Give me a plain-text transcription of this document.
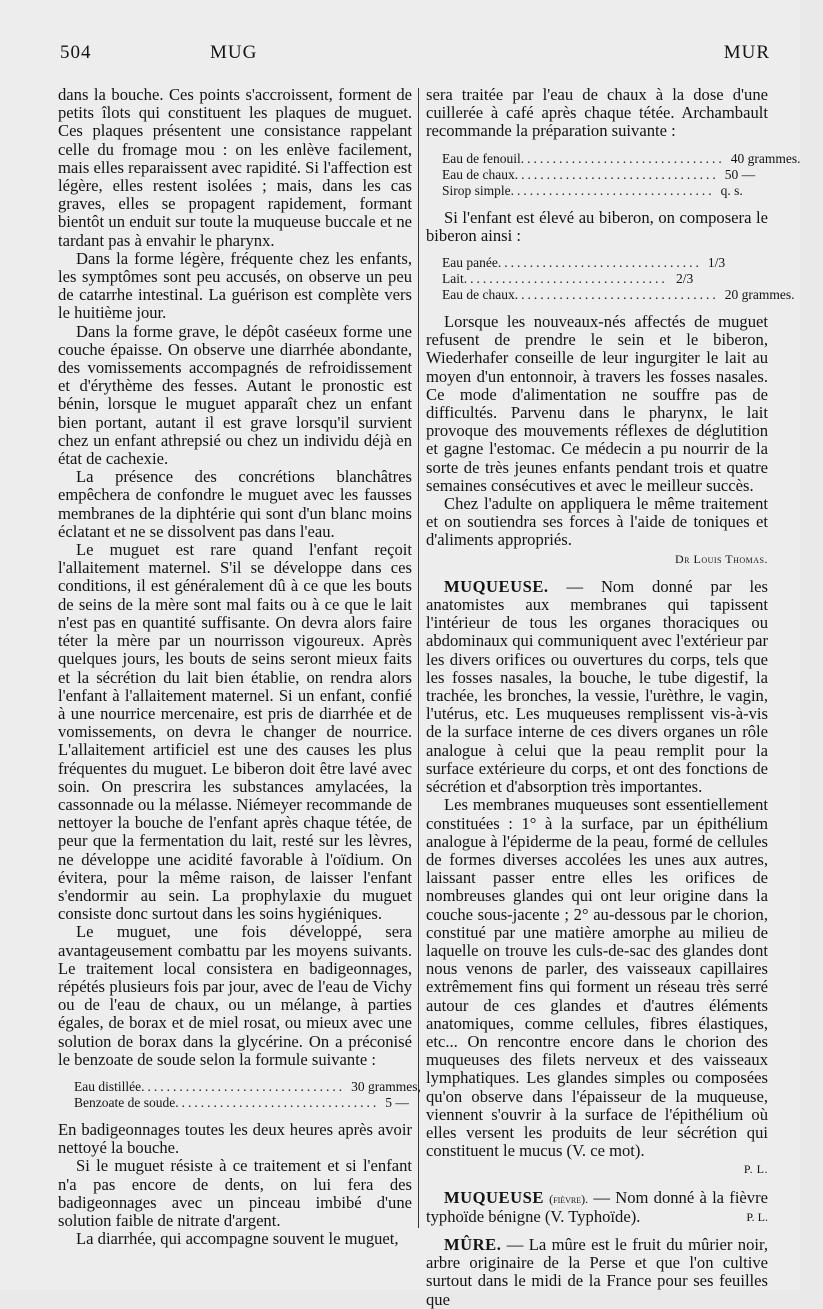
504	MUG	MUR

dans la bouche. Ces points s'accroissent, forment de petits îlots qui constituent les plaques de muguet. Ces plaques présentent une consistance rappelant celle du fromage mou : on les enlève facilement, mais elles reparaissent avec rapidité. Si l'affection est légère, elles restent isolées ; mais, dans les cas graves, elles se propagent rapidement, formant bientôt un enduit sur toute la muqueuse buccale et ne tardant pas à envahir le pharynx.

Dans la forme légère, fréquente chez les enfants, les symptômes sont peu accusés, on observe un peu de catarrhe intestinal. La guérison est complète vers le huitième jour.

Dans la forme grave, le dépôt caséeux forme une couche épaisse. On observe une diarrhée abondante, des vomissements accompagnés de refroidissement et d'érythème des fesses. Autant le pronostic est bénin, lorsque le muguet apparaît chez un enfant bien portant, autant il est grave lorsqu'il survient chez un enfant athrepsié ou chez un individu déjà en état de cachexie.

La présence des concrétions blanchâtres empêchera de confondre le muguet avec les fausses membranes de la diphtérie qui sont d'un blanc moins éclatant et ne se dissolvent pas dans l'eau.

Le muguet est rare quand l'enfant reçoit l'allaitement maternel. S'il se développe dans ces conditions, il est généralement dû à ce que les bouts de seins de la mère sont mal faits ou à ce que le lait n'est pas en quantité suffisante. On devra alors faire téter la mère par un nourrisson vigoureux. Après quelques jours, les bouts de seins seront mieux faits et la sécrétion du lait bien établie, on rendra alors l'enfant à l'allaitement maternel. Si un enfant, confié à une nourrice mercenaire, est pris de diarrhée et de vomissements, on devra le changer de nourrice. L'allaitement artificiel est une des causes les plus fréquentes du muguet. Le biberon doit être lavé avec soin. On prescrira les substances amylacées, la cassonnade ou la mélasse. Niémeyer recommande de nettoyer la bouche de l'enfant après chaque tétée, de peur que la fermentation du lait, resté sur les lèvres, ne développe une acidité favorable à l'oïdium. On évitera, pour la même raison, de laisser l'enfant s'endormir au sein. La prophylaxie du muguet consiste donc surtout dans les soins hygiéniques.

Le muguet, une fois développé, sera avantageusement combattu par les moyens suivants. Le traitement local consistera en badigeonnages, répétés plusieurs fois par jour, avec de l'eau de Vichy ou de l'eau de chaux, ou un mélange, à parties égales, de borax et de miel rosat, ou mieux avec une solution de borax dans la glycérine. On a préconisé le benzoate de soude selon la formule suivante :

Eau distillée ................................ 30 grammes,
Benzoate de soude ................................ 5 —

En badigeonnages toutes les deux heures après avoir nettoyé la bouche.

Si le muguet résiste à ce traitement et si l'enfant n'a pas encore de dents, on lui fera des badigeonnages avec un pinceau imbibé d'une solution faible de nitrate d'argent.

La diarrhée, qui accompagne souvent le muguet,

sera traitée par l'eau de chaux à la dose d'une cuillerée à café après chaque tétée. Archambault recommande la préparation suivante :

Eau de fenouil ................................ 40 grammes.
Eau de chaux ................................ 50 —
Sirop simple ................................ q. s.

Si l'enfant est élevé au biberon, on composera le biberon ainsi :

Eau panée ................................ 1/3
Lait ................................ 2/3
Eau de chaux ................................ 20 grammes.

Lorsque les nouveaux-nés affectés de muguet refusent de prendre le sein et le biberon, Wiederhafer conseille de leur ingurgiter le lait au moyen d'un entonnoir, à travers les fosses nasales. Ce mode d'alimentation ne souffre pas de difficultés. Parvenu dans le pharynx, le lait provoque des mouvements réflexes de déglutition et gagne l'estomac. Ce médecin a pu nourrir de la sorte de très jeunes enfants pendant trois et quatre semaines consécutives et avec le meilleur succès.

Chez l'adulte on appliquera le même traitement et on soutiendra ses forces à l'aide de toniques et d'aliments appropriés.

Dr Louis Thomas.

MUQUEUSE. — Nom donné par les anatomistes aux membranes qui tapissent l'intérieur de tous les organes thoraciques ou abdominaux qui communiquent avec l'extérieur par les divers orifices ou ouvertures du corps, tels que les fosses nasales, la bouche, le tube digestif, la trachée, les bronches, la vessie, l'urèthre, le vagin, l'utérus, etc. Les muqueuses remplissent vis-à-vis de la surface interne de ces divers organes un rôle analogue à celui que la peau remplit pour la surface extérieure du corps, et ont des fonctions de sécrétion et d'absorption très importantes.

Les membranes muqueuses sont essentiellement constituées : 1° à la surface, par un épithélium analogue à l'épiderme de la peau, formé de cellules de formes diverses accolées les unes aux autres, laissant passer entre elles les orifices de nombreuses glandes qui ont leur origine dans la couche sous-jacente ; 2° au-dessous par le chorion, constitué par une matière amorphe au milieu de laquelle on trouve les culs-de-sac des glandes dont nous venons de parler, des vaisseaux capillaires extrêmement fins qui forment un réseau très serré autour de ces glandes et d'autres éléments anatomiques, comme cellules, fibres élastiques, etc... On rencontre encore dans le chorion des muqueuses des filets nerveux et des vaisseaux lymphatiques. Les glandes simples ou composées qu'on observe dans l'épaisseur de la muqueuse, viennent s'ouvrir à la surface de l'épithélium où elles versent les produits de leur sécrétion qui constituent le mucus (V. ce mot).

P. L.

MUQUEUSE (fièvre). — Nom donné à la fièvre typhoïde bénigne (V. Typhoïde).	P. L.

MÛRE. — La mûre est le fruit du mûrier noir, arbre originaire de la Perse et que l'on cultive surtout dans le midi de la France pour ses feuilles que
